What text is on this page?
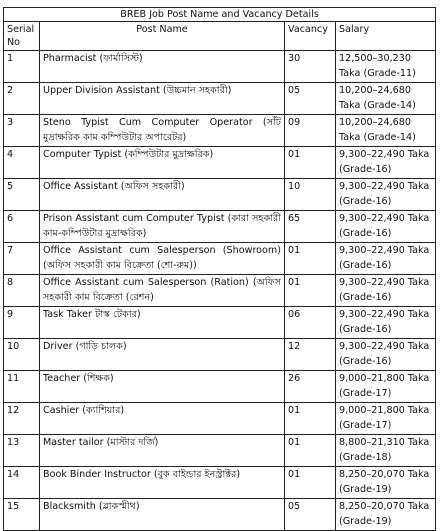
BREB Job Post Name and Vacancy Details			
Serial No	Post Name	Vacancy	Salary
1	Pharmacist (ফার্মাসিস্ট)	30	12,500–30,230 Taka (Grade-11)
2	Upper Division Assistant (উচ্চমান সহকারী)	05	10,200–24,680 Taka (Grade-14)
3	Steno Typist Cum Computer Operator (সাঁট মুদ্রাক্ষরিক কাম কম্পিউটার অপারেটর)	09	10,200–24,680 Taka (Grade-14)
4	Computer Typist (কম্পিউটার মুদ্রাক্ষরিক)	01	9,300–22,490 Taka (Grade-16)
5	Office Assistant (অফিস সহকারী)	10	9,300–22,490 Taka (Grade-16)
6	Prison Assistant cum Computer Typist (কারা সহকারী কাম-কম্পিউটার মুদ্রাক্ষরিক)	65	9,300–22,490 Taka (Grade-16)
7	Office Assistant cum Salesperson (Showroom) (অফিস সহকারী কাম বিক্রেতা (শো-রুম))	01	9,300–22,490 Taka (Grade-16)
8	Office Assistant cum Salesperson (Ration) (অফিস সহকারী কাম বিক্রেতা (রেশন)	01	9,300–22,490 Taka (Grade-16)
9	Task Taker টাস্ক টেকার)	06	9,300–22,490 Taka (Grade-16)
10	Driver (গাড়ি চালক)	12	9,300–22,490 Taka (Grade-16)
11	Teacher (শিক্ষক)	26	9,000–21,800 Taka (Grade-17)
12	Cashier (ক্যাশিয়ার)	01	9,000–21,800 Taka (Grade-17)
13	Master tailor (মাস্টার দর্জি)	01	8,800–21,310 Taka (Grade-18)
14	Book Binder Instructor (বুক বাইন্ডার ইনস্ট্রাক্টর)	01	8,250–20,070 Taka (Grade-19)
15	Blacksmith (ব্লাকস্মীথ)	05	8,250–20,070 Taka (Grade-19)
